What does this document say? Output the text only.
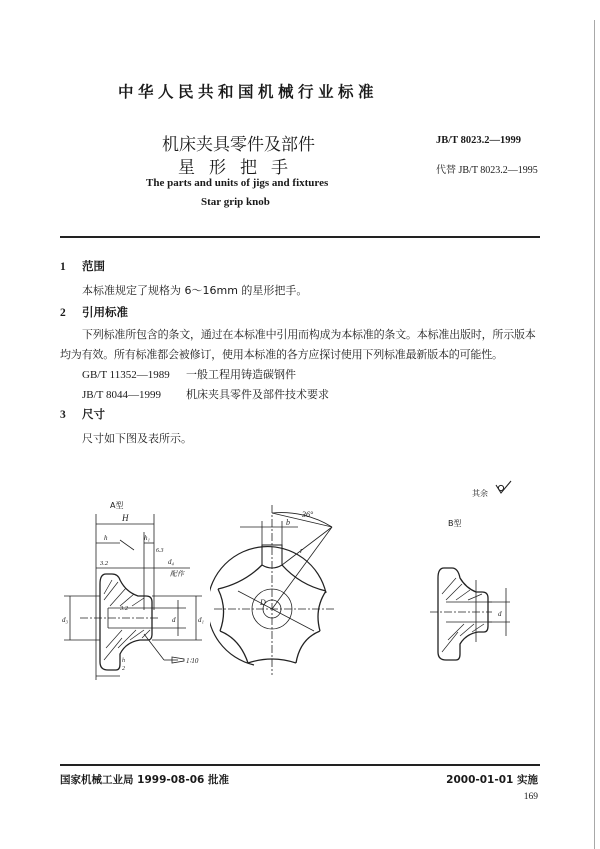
中华人民共和国机械行业标准
机床夹具零件及部件
星形把手
The parts and units of jigs and fixtures
Star grip knob
JB/T 8023.2—1999
代替 JB/T 8023.2—1995
1 范围
本标准规定了规格为 6～16mm 的星形把手。
2 引用标准
下列标准所包含的条文，通过在本标准中引用而构成为本标准的条文。本标准出版时，所示版本
均为有效。所有标准都会被修订，使用本标准的各方应探讨使用下列标准最新版本的可能性。
GB/T 11352—1989 一般工程用铸造碳钢件
JB/T 8044—1999 机床夹具零件及部件技术要求
3 尺寸
尺寸如下图及表所示。
A型
B型
其余
H
h	h₁
d₄
配作
3.2
3.2
6.3
d₃	d	d₁
1∶10
h
2
36°
b
r
D
d
国家机械工业局 1999-08-06 批准	2000-01-01 实施
169
